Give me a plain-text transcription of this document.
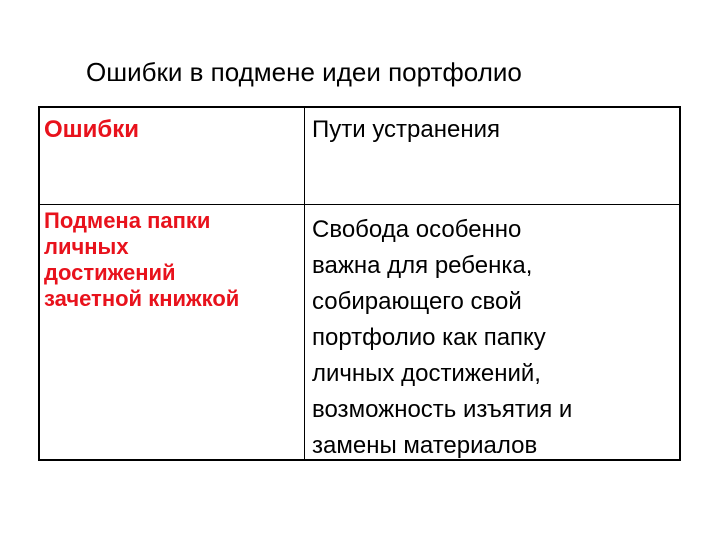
Ошибки в подмене идеи портфолио
Ошибки	Пути устранения
Подмена папки
личных
достижений
зачетной книжкой
Свобода особенно
важна для ребенка,
собирающего свой
портфолио как папку
личных достижений,
возможность изъятия и
замены материалов
